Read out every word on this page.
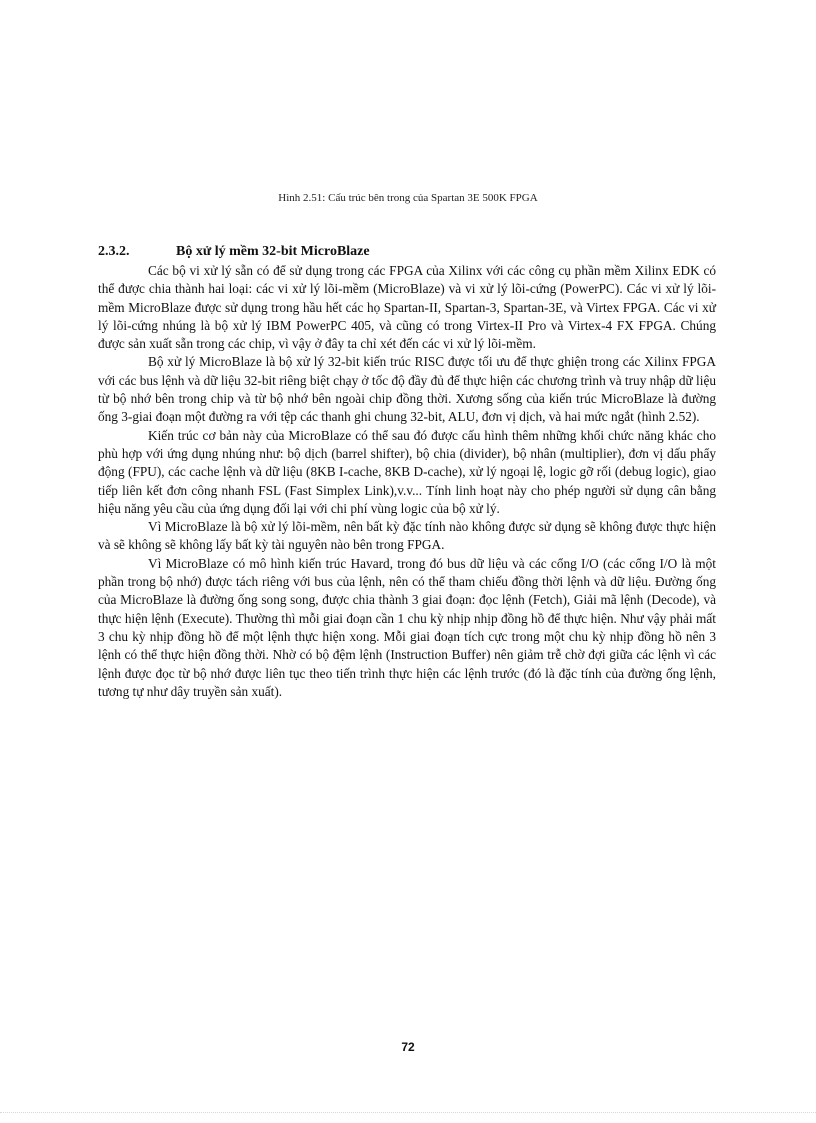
Hình 2.51: Cấu trúc bên trong của Spartan 3E 500K FPGA
2.3.2.	Bộ xử lý mềm 32-bit MicroBlaze

Các bộ vi xử lý sẵn có để sử dụng trong các FPGA của Xilinx với các công cụ phần mềm Xilinx EDK có thể được chia thành hai loại: các vi xử lý lõi-mềm (MicroBlaze) và vi xử lý lõi-cứng (PowerPC). Các vi xử lý lõi-mềm MicroBlaze được sử dụng trong hầu hết các họ Spartan-II, Spartan-3, Spartan-3E, và Virtex FPGA. Các vi xử lý lõi-cứng nhúng là bộ xử lý IBM PowerPC 405, và cũng có trong Virtex-II Pro và Virtex-4 FX FPGA. Chúng được sản xuất sẵn trong các chip, vì vậy ở đây ta chỉ xét đến các vi xử lý lõi-mềm.

Bộ xử lý MicroBlaze là bộ xử lý 32-bit kiến trúc RISC được tối ưu để thực ghiện trong các Xilinx FPGA với các bus lệnh và dữ liệu 32-bit riêng biệt chạy ở tốc độ đầy đủ để thực hiện các chương trình và truy nhập dữ liệu từ bộ nhớ bên trong chip và từ bộ nhớ bên ngoài chip đồng thời. Xương sống của kiến trúc MicroBlaze là đường ống 3-giai đoạn một đường ra với tệp các thanh ghi chung 32-bit, ALU, đơn vị dịch, và hai mức ngắt (hình 2.52).

Kiến trúc cơ bản này của MicroBlaze có thể sau đó được cấu hình thêm những khối chức năng khác cho phù hợp với ứng dụng nhúng như: bộ dịch (barrel shifter), bộ chia (divider), bộ nhân (multiplier), đơn vị dấu phẩy động (FPU), các cache lệnh và dữ liệu (8KB I-cache, 8KB D-cache), xử lý ngoại lệ, logic gỡ rối (debug logic), giao tiếp liên kết đơn công nhanh FSL (Fast Simplex Link),v.v... Tính linh hoạt này cho phép người sử dụng cân bằng hiệu năng yêu cầu của ứng dụng đối lại với chi phí vùng logic của bộ xử lý.

Vì MicroBlaze là bộ xử lý lõi-mềm, nên bất kỳ đặc tính nào không được sử dụng sẽ không được thực hiện và sẽ không sẽ không lấy bất kỳ tài nguyên nào bên trong FPGA.

Vì MicroBlaze có mô hình kiến trúc Havard, trong đó bus dữ liệu và các cổng I/O (các cổng I/O là một phần trong bộ nhớ) được tách riêng với bus của lệnh, nên có thể tham chiếu đồng thời lệnh và dữ liệu. Đường ống của MicroBlaze là đường ống song song, được chia thành 3 giai đoạn: đọc lệnh (Fetch), Giải mã lệnh (Decode), và thực hiện lệnh (Execute). Thường thì mỗi giai đoạn cần 1 chu kỳ nhịp nhịp đồng hồ để thực hiện. Như vậy phải mất 3 chu kỳ nhịp đồng hồ để một lệnh thực hiện xong. Mỗi giai đoạn tích cực trong một chu kỳ nhịp đồng hồ nên 3 lệnh có thể thực hiện đồng thời. Nhờ có bộ đệm lệnh (Instruction Buffer) nên giảm trễ chờ đợi giữa các lệnh vì các lệnh được đọc từ bộ nhớ được liên tục theo tiến trình thực hiện các lệnh trước (đó là đặc tính của đường ống lệnh, tương tự như dây truyền sản xuất).

72
